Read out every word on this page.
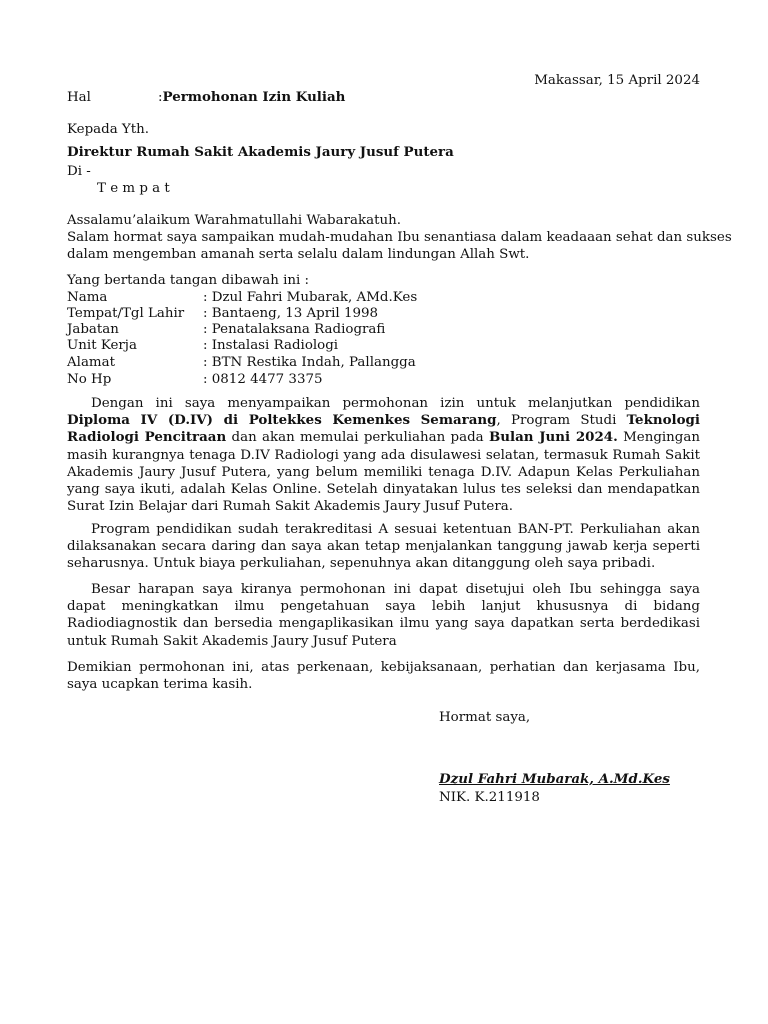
Makassar, 15 April 2024
Hal	:Permohonan Izin Kuliah
Kepada Yth.
Direktur Rumah Sakit Akademis Jaury Jusuf Putera
Di -
T e m p a t
Assalamu’alaikum Warahmatullahi Wabarakatuh.
Salam hormat saya sampaikan mudah-mudahan Ibu senantiasa dalam keadaaan sehat dan sukses
dalam mengemban amanah serta selalu dalam lindungan Allah Swt.
Yang bertanda tangan dibawah ini :
Nama	: Dzul Fahri Mubarak, AMd.Kes
Tempat/Tgl Lahir : Bantaeng, 13 April 1998
Jabatan	: Penatalaksana Radiografi
Unit Kerja	: Instalasi Radiologi
Alamat	: BTN Restika Indah, Pallangga
No Hp	: 0812 4477 3375

Dengan ini saya menyampaikan permohonan izin untuk melanjutkan pendidikan Diploma IV (D.IV) di Poltekkes Kemenkes Semarang, Program Studi Teknologi Radiologi Pencitraan dan akan memulai perkuliahan pada Bulan Juni 2024. Mengingan masih kurangnya tenaga D.IV Radiologi yang ada disulawesi selatan, termasuk Rumah Sakit Akademis Jaury Jusuf Putera, yang belum memiliki tenaga D.IV. Adapun Kelas Perkuliahan yang saya ikuti, adalah Kelas Online. Setelah dinyatakan lulus tes seleksi dan mendapatkan Surat Izin Belajar dari Rumah Sakit Akademis Jaury Jusuf Putera.

Program pendidikan sudah terakreditasi A sesuai ketentuan BAN-PT. Perkuliahan akan dilaksanakan secara daring dan saya akan tetap menjalankan tanggung jawab kerja seperti seharusnya. Untuk biaya perkuliahan, sepenuhnya akan ditanggung oleh saya pribadi.

Besar harapan saya kiranya permohonan ini dapat disetujui oleh Ibu sehingga saya dapat meningkatkan ilmu pengetahuan saya lebih lanjut khususnya di bidang Radiodiagnostik dan bersedia mengaplikasikan ilmu yang saya dapatkan serta berdedikasi untuk Rumah Sakit Akademis Jaury Jusuf Putera

Demikian permohonan ini, atas perkenaan, kebijaksanaan, perhatian dan kerjasama Ibu, saya ucapkan terima kasih.

Hormat saya,
Dzul Fahri Mubarak, A.Md.Kes
NIK. K.211918
